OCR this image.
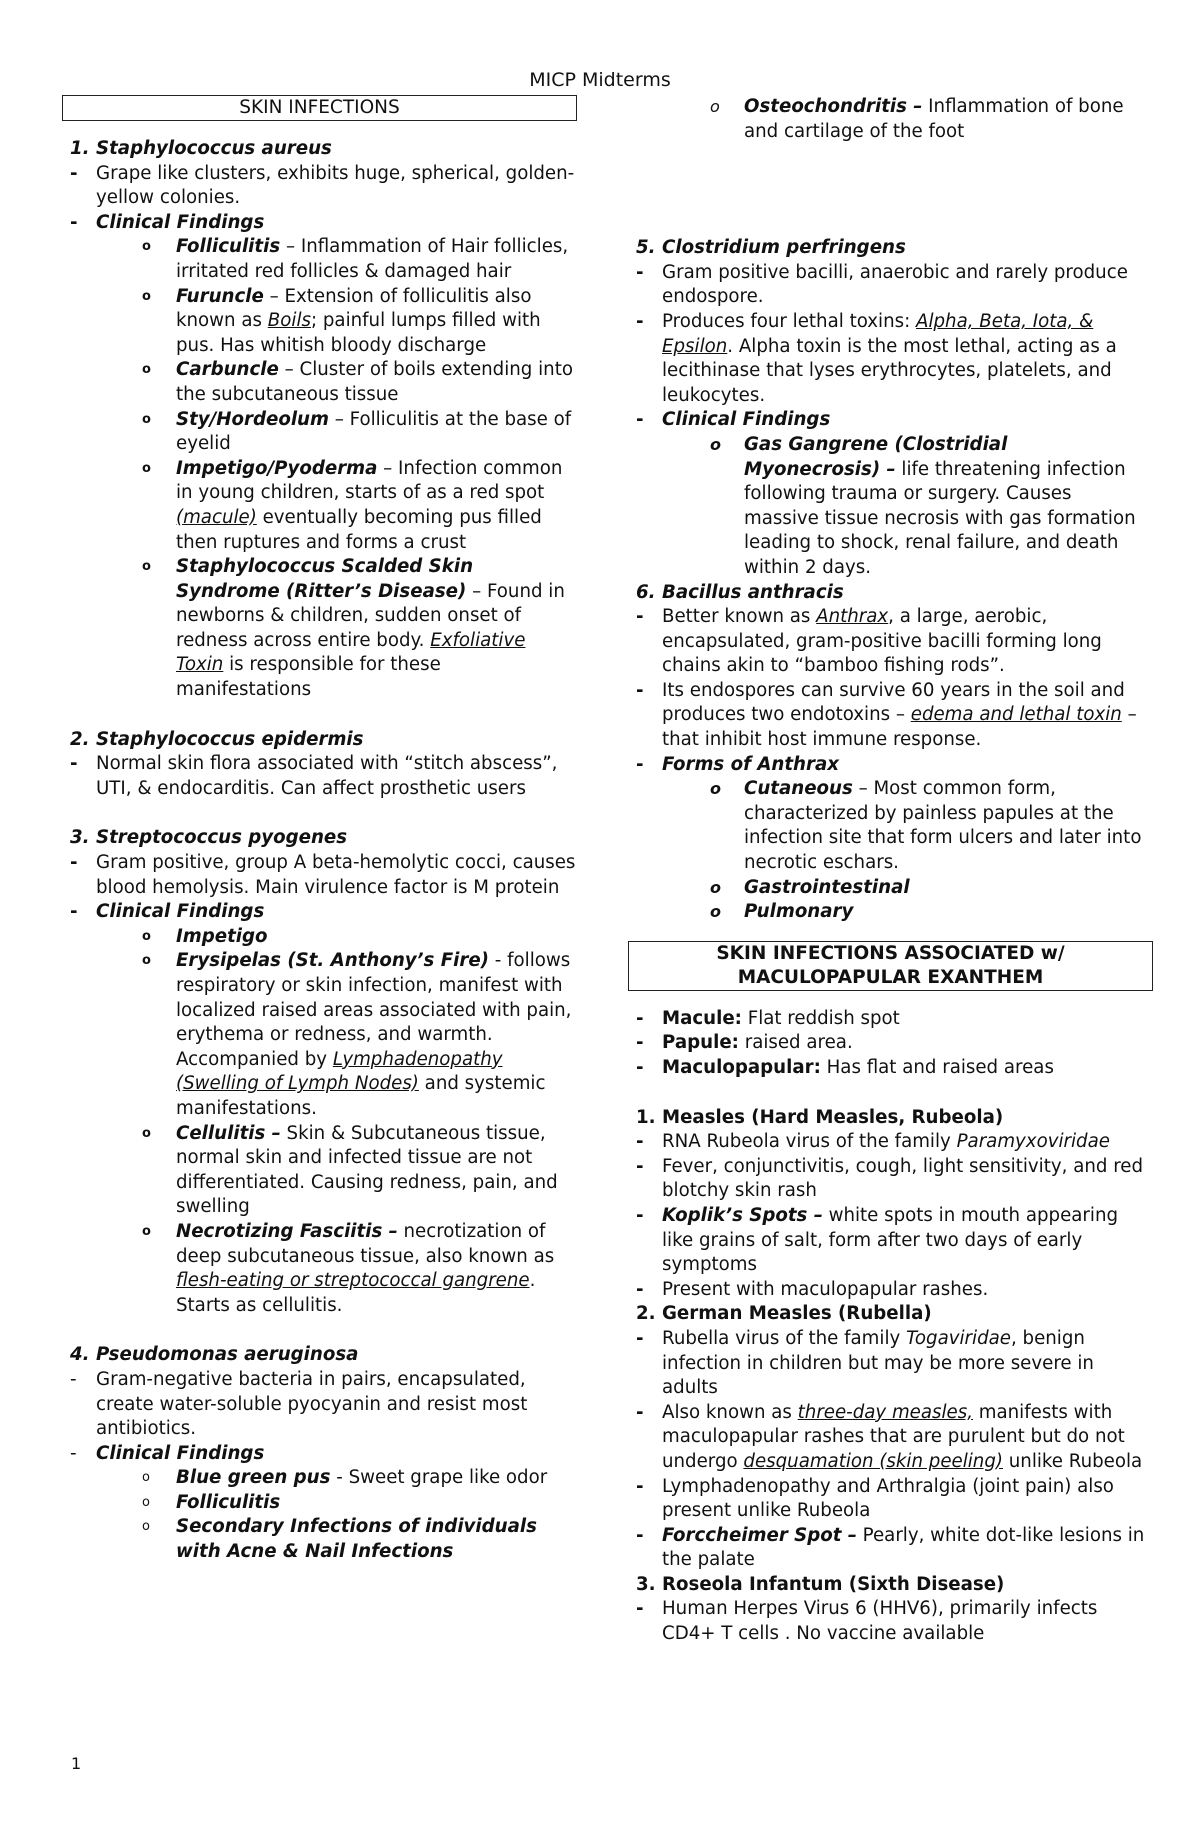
MICP Midterms
SKIN INFECTIONS
1. Staphylococcus aureus
- Grape like clusters, exhibits huge, spherical, golden-yellow colonies.
- Clinical Findings
o Folliculitis – Inflammation of Hair follicles, irritated red follicles & damaged hair
o Furuncle – Extension of folliculitis also known as Boils; painful lumps filled with pus. Has whitish bloody discharge
o Carbuncle – Cluster of boils extending into the subcutaneous tissue
o Sty/Hordeolum – Folliculitis at the base of eyelid
o Impetigo/Pyoderma – Infection common in young children, starts of as a red spot (macule) eventually becoming pus filled then ruptures and forms a crust
o Staphylococcus Scalded Skin Syndrome (Ritter’s Disease) – Found in newborns & children, sudden onset of redness across entire body. Exfoliative Toxin is responsible for these manifestations
2. Staphylococcus epidermis
- Normal skin flora associated with “stitch abscess”, UTI, & endocarditis. Can affect prosthetic users
3. Streptococcus pyogenes
- Gram positive, group A beta-hemolytic cocci, causes blood hemolysis. Main virulence factor is M protein
- Clinical Findings
o Impetigo
o Erysipelas (St. Anthony’s Fire) - follows respiratory or skin infection, manifest with localized raised areas associated with pain, erythema or redness, and warmth. Accompanied by Lymphadenopathy (Swelling of Lymph Nodes) and systemic manifestations.
o Cellulitis – Skin & Subcutaneous tissue, normal skin and infected tissue are not differentiated. Causing redness, pain, and swelling
o Necrotizing Fasciitis – necrotization of deep subcutaneous tissue, also known as flesh-eating or streptococcal gangrene. Starts as cellulitis.
4. Pseudomonas aeruginosa
- Gram-negative bacteria in pairs, encapsulated, create water-soluble pyocyanin and resist most antibiotics.
- Clinical Findings
o Blue green pus - Sweet grape like odor
o Folliculitis
o Secondary Infections of individuals with Acne & Nail Infections
o Osteochondritis – Inflammation of bone and cartilage of the foot
5. Clostridium perfringens
- Gram positive bacilli, anaerobic and rarely produce endospore.
- Produces four lethal toxins: Alpha, Beta, Iota, & Epsilon. Alpha toxin is the most lethal, acting as a lecithinase that lyses erythrocytes, platelets, and leukocytes.
- Clinical Findings
o Gas Gangrene (Clostridial Myonecrosis) – life threatening infection following trauma or surgery. Causes massive tissue necrosis with gas formation leading to shock, renal failure, and death within 2 days.
6. Bacillus anthracis
- Better known as Anthrax, a large, aerobic, encapsulated, gram-positive bacilli forming long chains akin to “bamboo fishing rods”.
- Its endospores can survive 60 years in the soil and produces two endotoxins – edema and lethal toxin – that inhibit host immune response.
- Forms of Anthrax
o Cutaneous – Most common form, characterized by painless papules at the infection site that form ulcers and later into necrotic eschars.
o Gastrointestinal
o Pulmonary
SKIN INFECTIONS ASSOCIATED w/ MACULOPAPULAR EXANTHEM
- Macule: Flat reddish spot
- Papule: raised area.
- Maculopapular: Has flat and raised areas
1. Measles (Hard Measles, Rubeola)
- RNA Rubeola virus of the family Paramyxoviridae
- Fever, conjunctivitis, cough, light sensitivity, and red blotchy skin rash
- Koplik’s Spots – white spots in mouth appearing like grains of salt, form after two days of early symptoms
- Present with maculopapular rashes.
2. German Measles (Rubella)
- Rubella virus of the family Togaviridae, benign infection in children but may be more severe in adults
- Also known as three-day measles, manifests with maculopapular rashes that are purulent but do not undergo desquamation (skin peeling) unlike Rubeola
- Lymphadenopathy and Arthralgia (joint pain) also present unlike Rubeola
- Forccheimer Spot – Pearly, white dot-like lesions in the palate
3. Roseola Infantum (Sixth Disease)
- Human Herpes Virus 6 (HHV6), primarily infects CD4+ T cells . No vaccine available
1
